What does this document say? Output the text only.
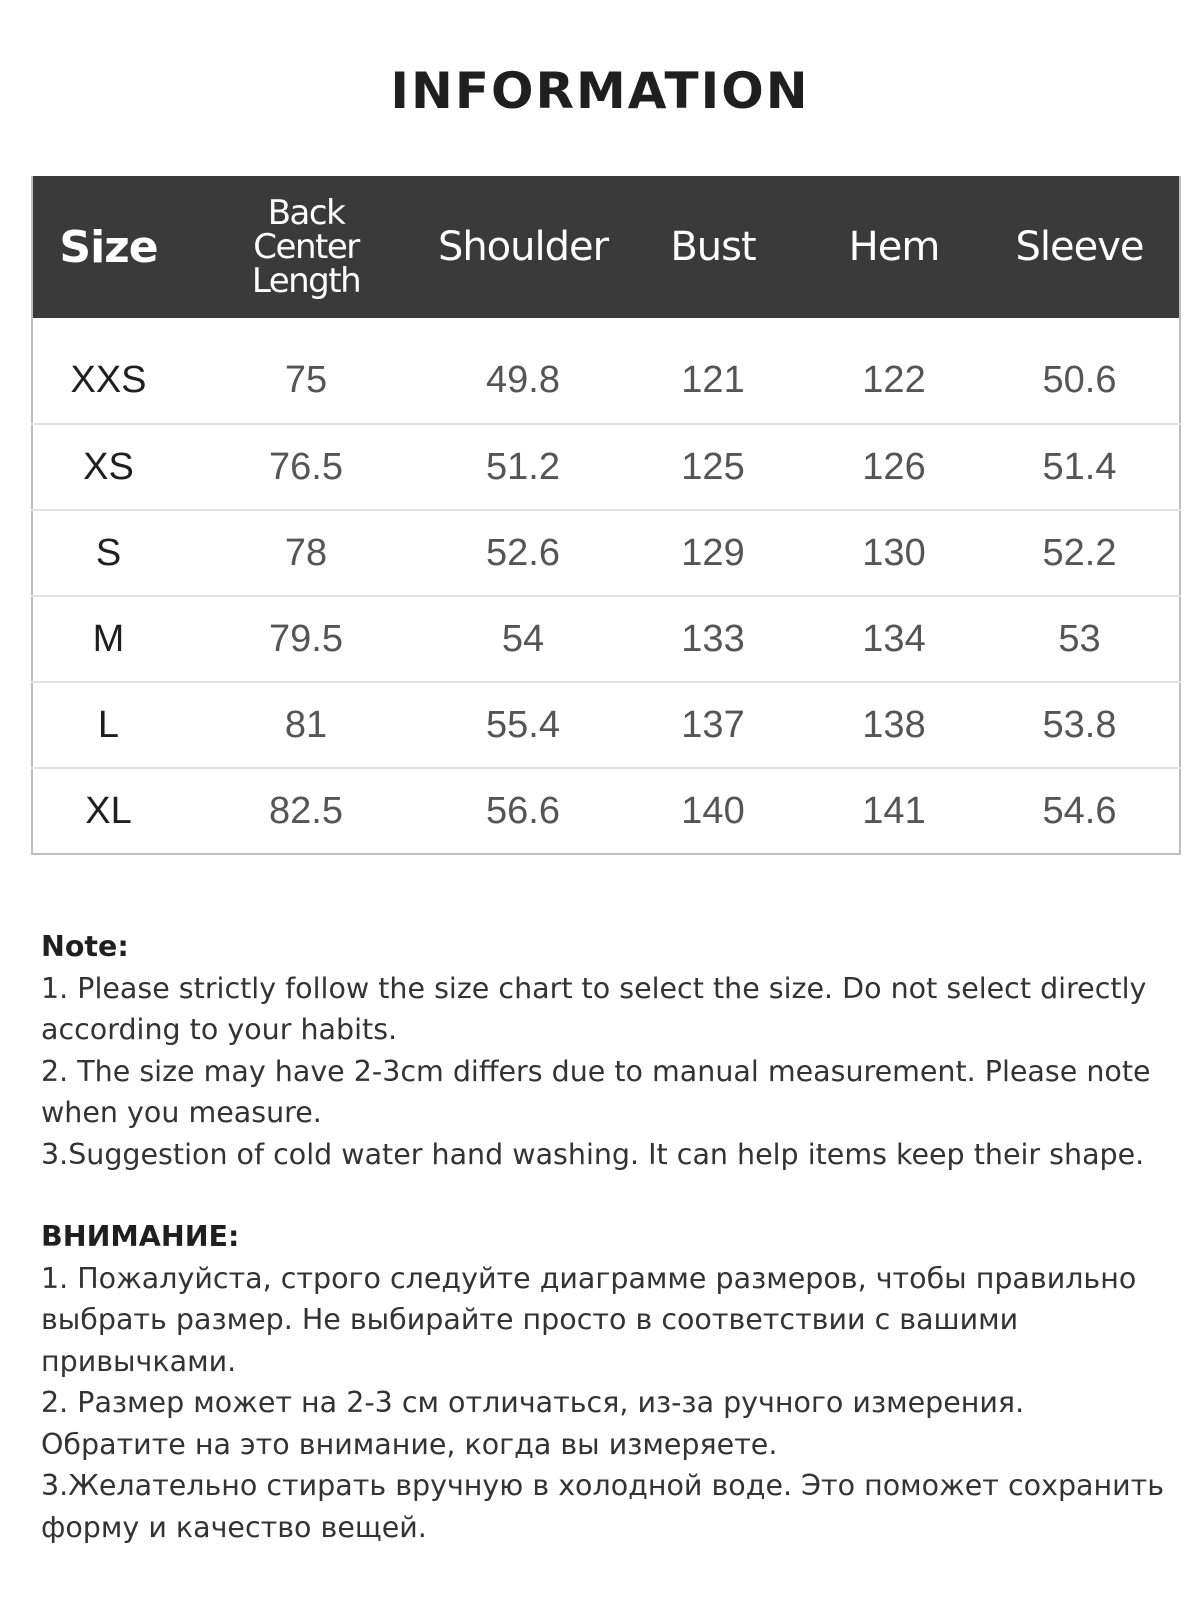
INFORMATION
Size	Back Center Length	Shoulder	Bust	Hem	Sleeve

XXS	75	49.8	121	122	50.6
XS	76.5	51.2	125	126	51.4
S	78	52.6	129	130	52.2
M	79.5	54	133	134	53
L	81	55.4	137	138	53.8
XL	82.5	56.6	140	141	54.6

Note:

1. Please strictly follow the size chart to select the size. Do not select directly according to your habits.

2. The size may have 2-3cm differs due to manual measurement. Please note when you measure.

3.Suggestion of cold water hand washing. It can help items keep their shape.

ВНИМАНИЕ:

1. Пожалуйста, строго следуйте диаграмме размеров, чтобы правильно выбрать размер. Не выбирайте просто в соответствии с вашими привычками.

2. Размер может на 2-3 см отличаться, из-за ручного измерения. Обратите на это внимание, когда вы измеряете.

3.Желательно стирать вручную в холодной воде. Это поможет сохранить форму и качество вещей.
